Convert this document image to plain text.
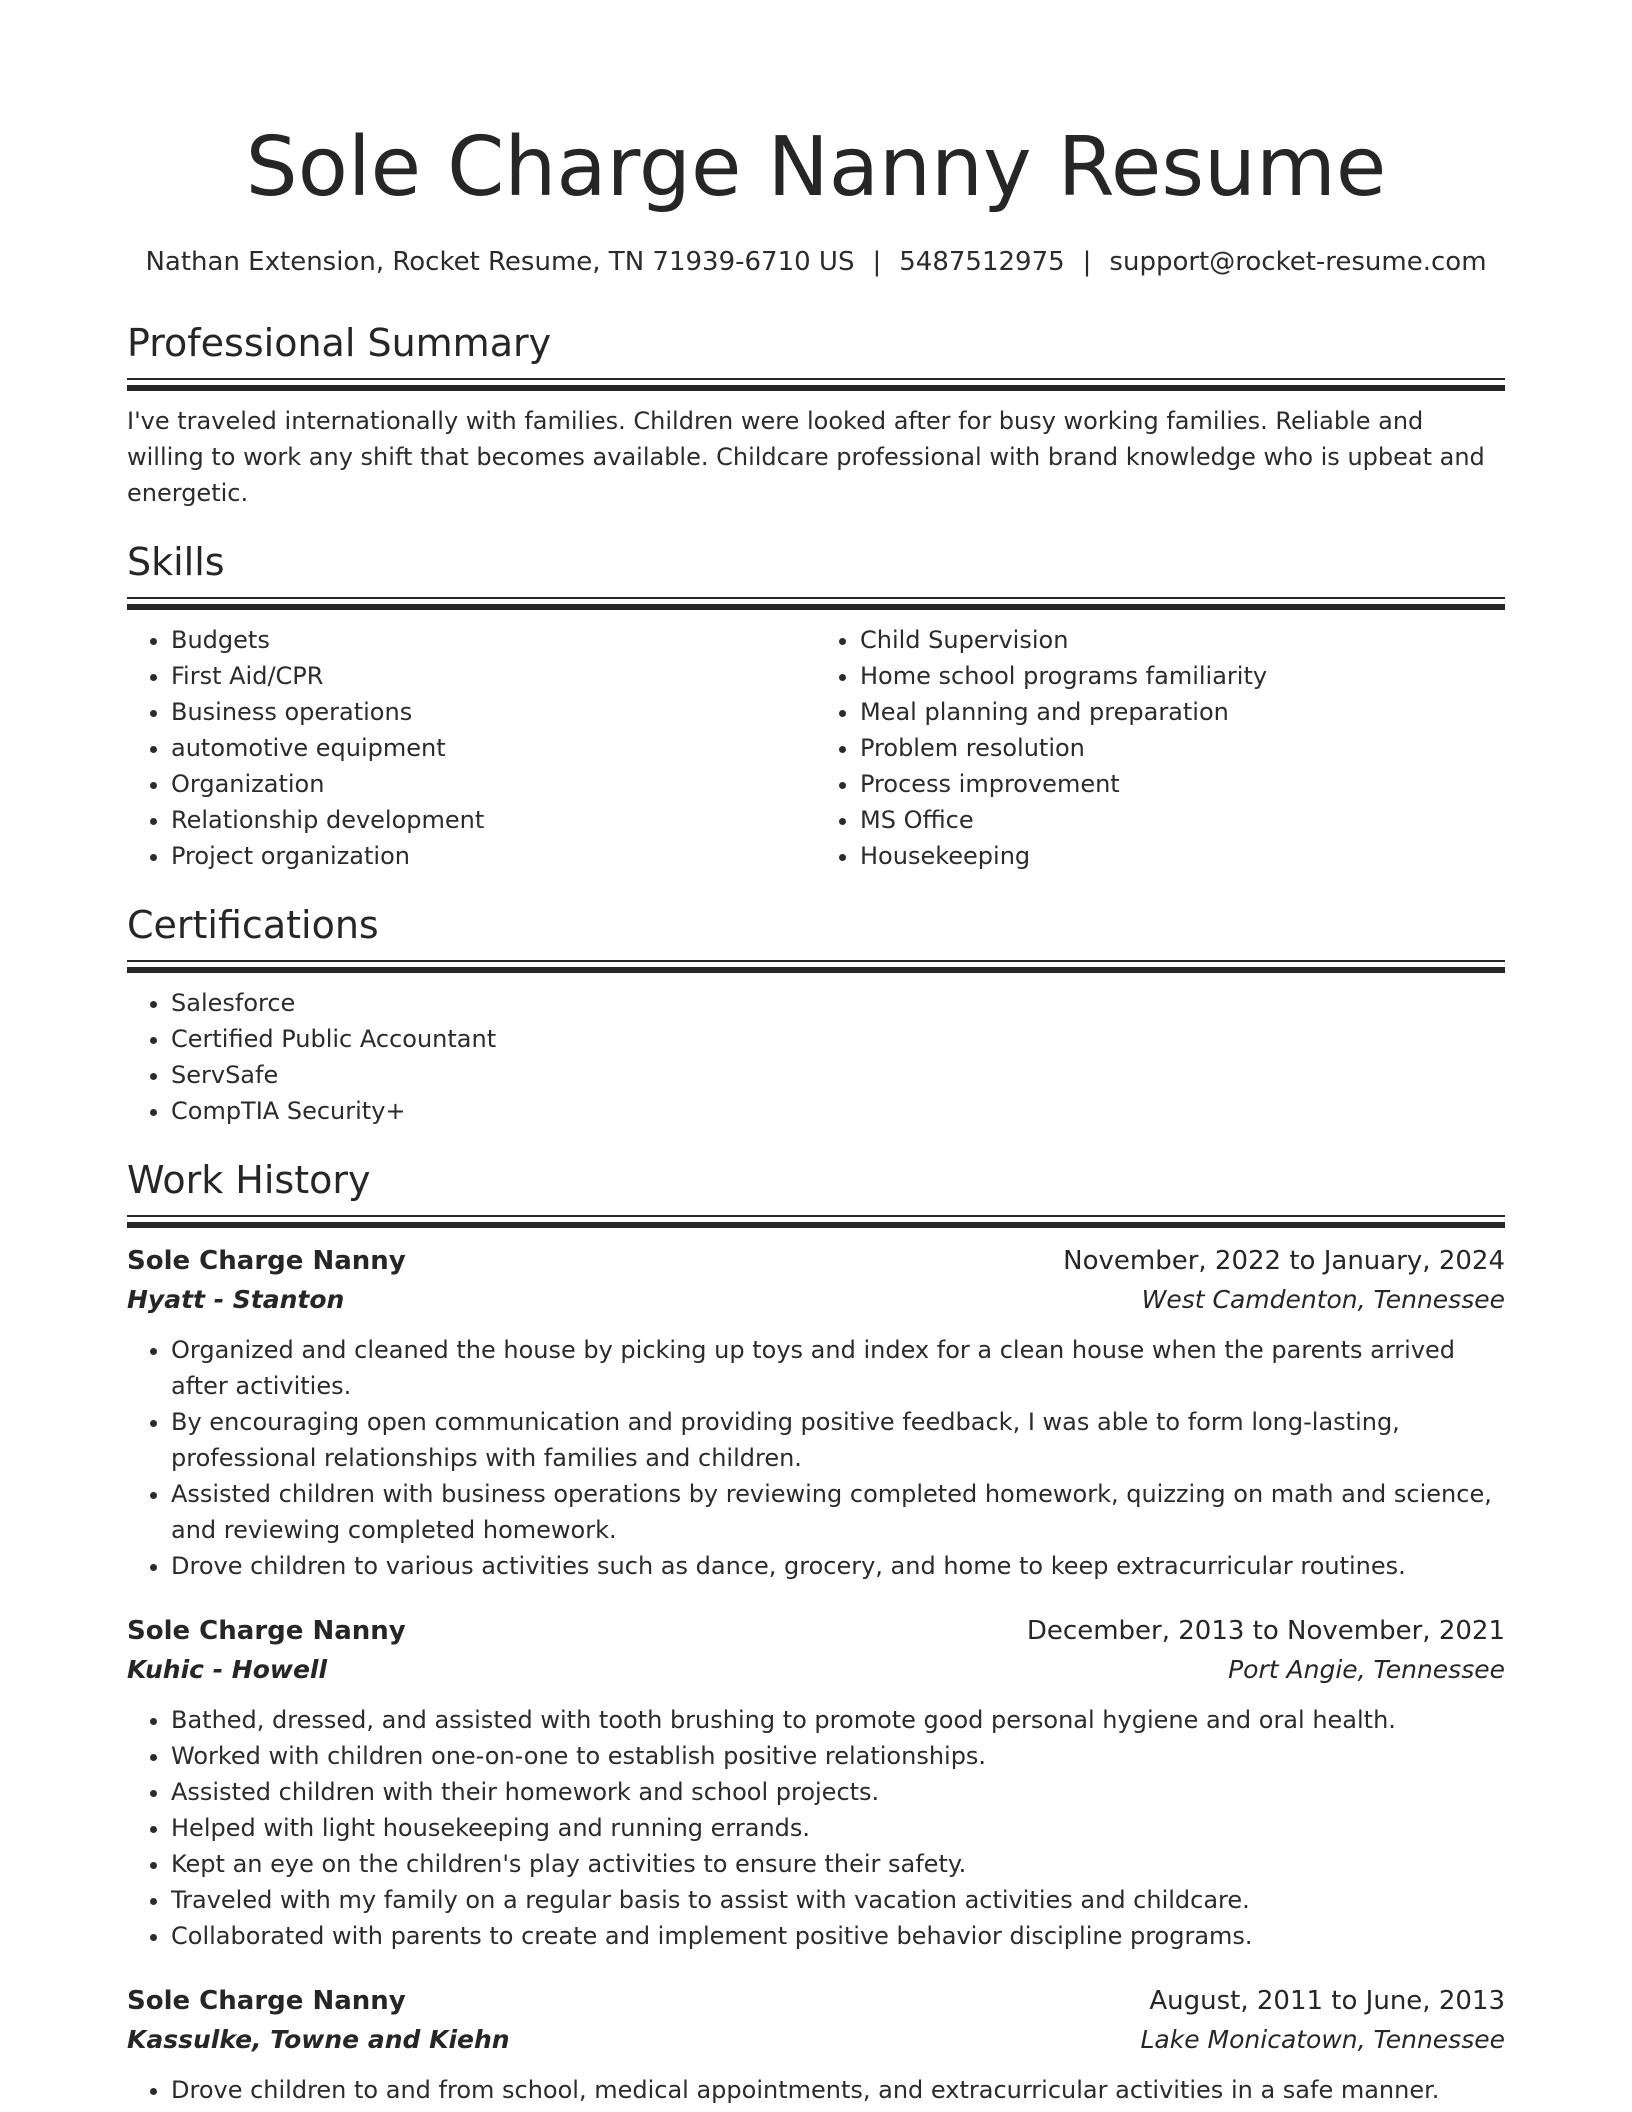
Sole Charge Nanny Resume
Nathan Extension, Rocket Resume, TN 71939-6710 US | 5487512975 | support@rocket-resume.com
Professional Summary

I've traveled internationally with families. Children were looked after for busy working families. Reliable and willing to work any shift that becomes available. Childcare professional with brand knowledge who is upbeat and energetic.

Skills
• Budgets
• First Aid/CPR
• Business operations
• automotive equipment
• Organization
• Relationship development
• Project organization
• Child Supervision
• Home school programs familiarity
• Meal planning and preparation
• Problem resolution
• Process improvement
• MS Office
• Housekeeping
Certifications
• Salesforce
• Certified Public Accountant
• ServSafe
• CompTIA Security+
Work History
Sole Charge Nanny	November, 2022 to January, 2024
Hyatt - Stanton	West Camdenton, Tennessee
• Organized and cleaned the house by picking up toys and index for a clean house when the parents arrived after activities.
• By encouraging open communication and providing positive feedback, I was able to form long-lasting, professional relationships with families and children.
• Assisted children with business operations by reviewing completed homework, quizzing on math and science, and reviewing completed homework.
• Drove children to various activities such as dance, grocery, and home to keep extracurricular routines.
Sole Charge Nanny	December, 2013 to November, 2021
Kuhic - Howell	Port Angie, Tennessee
• Bathed, dressed, and assisted with tooth brushing to promote good personal hygiene and oral health.
• Worked with children one-on-one to establish positive relationships.
• Assisted children with their homework and school projects.
• Helped with light housekeeping and running errands.
• Kept an eye on the children's play activities to ensure their safety.
• Traveled with my family on a regular basis to assist with vacation activities and childcare.
• Collaborated with parents to create and implement positive behavior discipline programs.
Sole Charge Nanny	August, 2011 to June, 2013
Kassulke, Towne and Kiehn	Lake Monicatown, Tennessee
• Drove children to and from school, medical appointments, and extracurricular activities in a safe manner.
